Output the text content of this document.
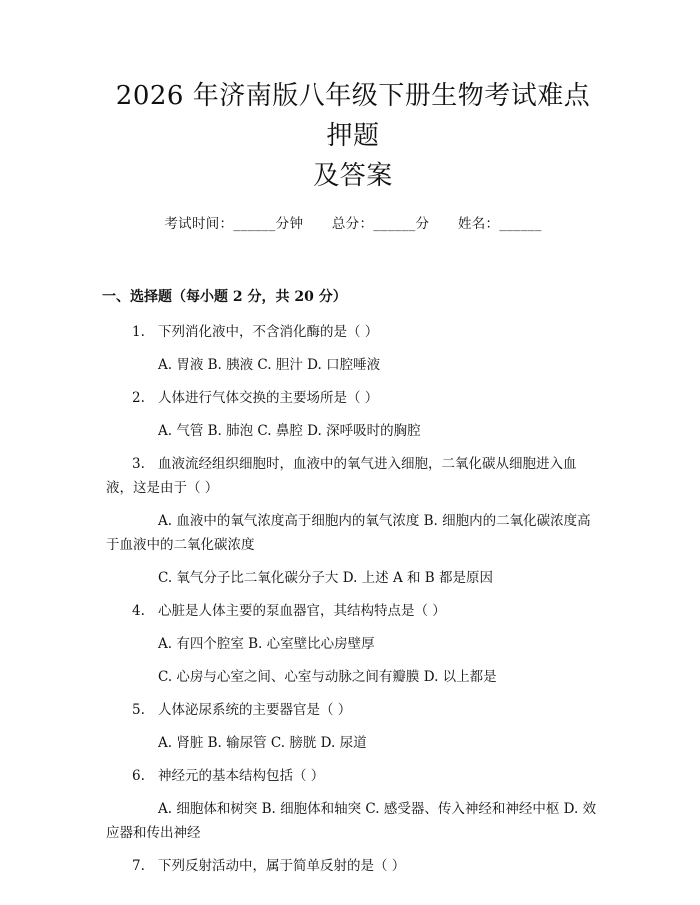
2026 年济南版八年级下册生物考试难点押题
及答案
考试时间：______分钟 总分：______分 姓名：______
一、选择题（每小题 2 分，共 20 分）
1. 下列消化液中，不含消化酶的是（ ）
A. 胃液 B. 胰液 C. 胆汁 D. 口腔唾液
2. 人体进行气体交换的主要场所是（ ）
A. 气管 B. 肺泡 C. 鼻腔 D. 深呼吸时的胸腔
3. 血液流经组织细胞时，血液中的氧气进入细胞，二氧化碳从细胞进入血液，这是由于（ ）
A. 血液中的氧气浓度高于细胞内的氧气浓度 B. 细胞内的二氧化碳浓度高于血液中的二氧化碳浓度
C. 氧气分子比二氧化碳分子大 D. 上述 A 和 B 都是原因
4. 心脏是人体主要的泵血器官，其结构特点是（ ）
A. 有四个腔室 B. 心室壁比心房壁厚
C. 心房与心室之间、心室与动脉之间有瓣膜 D. 以上都是
5. 人体泌尿系统的主要器官是（ ）
A. 肾脏 B. 输尿管 C. 膀胱 D. 尿道
6. 神经元的基本结构包括（ ）
A. 细胞体和树突 B. 细胞体和轴突 C. 感受器、传入神经和神经中枢 D. 效应器和传出神经
7. 下列反射活动中，属于简单反射的是（ ）
